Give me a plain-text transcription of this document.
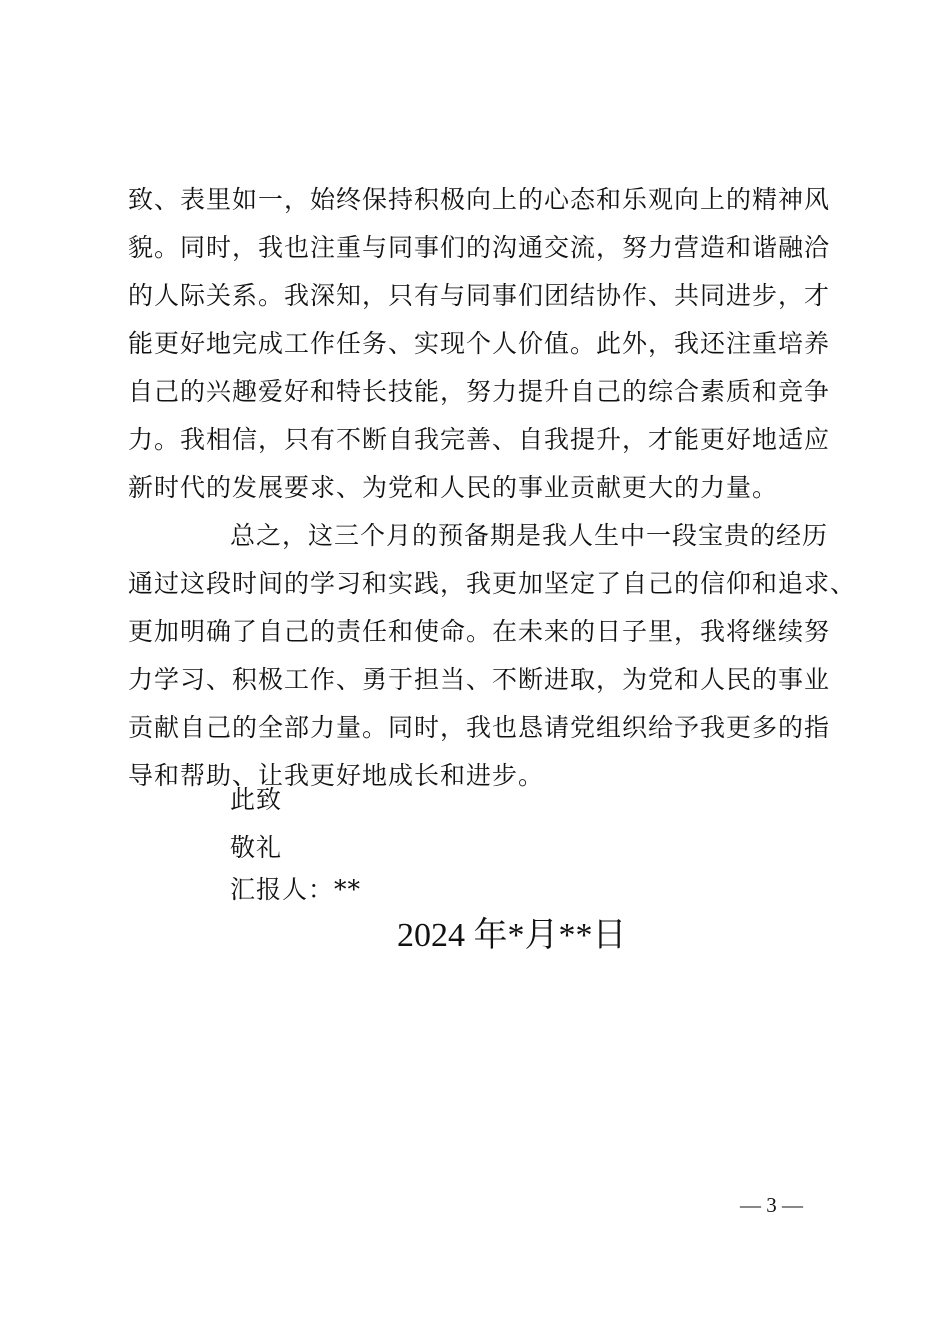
致、表里如一，始终保持积极向上的心态和乐观向上的精神风
貌。同时，我也注重与同事们的沟通交流，努力营造和谐融洽
的人际关系。我深知，只有与同事们团结协作、共同进步，才
能更好地完成工作任务、实现个人价值。此外，我还注重培养
自己的兴趣爱好和特长技能，努力提升自己的综合素质和竞争
力。我相信，只有不断自我完善、自我提升，才能更好地适应
新时代的发展要求、为党和人民的事业贡献更大的力量。
总之，这三个月的预备期是我人生中一段宝贵的经历
通过这段时间的学习和实践，我更加坚定了自己的信仰和追求、
更加明确了自己的责任和使命。在未来的日子里，我将继续努
力学习、积极工作、勇于担当、不断进取，为党和人民的事业
贡献自己的全部力量。同时，我也恳请党组织给予我更多的指
导和帮助、让我更好地成长和进步。
此致
敬礼
汇报人：**
2024 年*月**日
— 3 —
